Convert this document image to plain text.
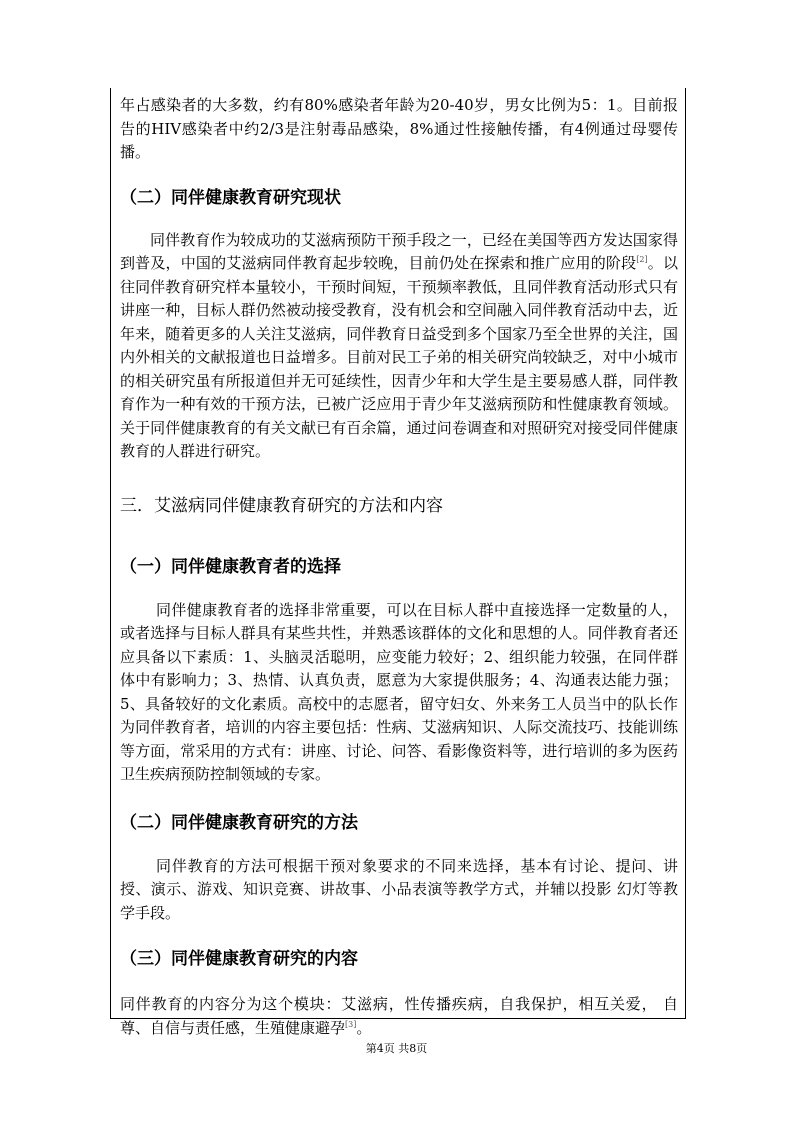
年占感染者的大多数，约有80%感染者年龄为20-40岁，男女比例为5：1。目前报告的HIV感染者中约2/3是注射毒品感染，8%通过性接触传播，有4例通过母婴传播。

（二）同伴健康教育研究现状

同伴教育作为较成功的艾滋病预防干预手段之一，已经在美国等西方发达国家得到普及，中国的艾滋病同伴教育起步较晚，目前仍处在探索和推广应用的阶段[2]。以往同伴教育研究样本量较小，干预时间短，干预频率教低，且同伴教育活动形式只有讲座一种，目标人群仍然被动接受教育，没有机会和空间融入同伴教育活动中去，近年来，随着更多的人关注艾滋病，同伴教育日益受到多个国家乃至全世界的关注，国内外相关的文献报道也日益增多。目前对民工子弟的相关研究尚较缺乏，对中小城市的相关研究虽有所报道但并无可延续性，因青少年和大学生是主要易感人群，同伴教育作为一种有效的干预方法，已被广泛应用于青少年艾滋病预防和性健康教育领域。关于同伴健康教育的有关文献已有百余篇，通过问卷调查和对照研究对接受同伴健康教育的人群进行研究。

三．艾滋病同伴健康教育研究的方法和内容
（一）同伴健康教育者的选择

同伴健康教育者的选择非常重要，可以在目标人群中直接选择一定数量的人，或者选择与目标人群具有某些共性，并熟悉该群体的文化和思想的人。同伴教育者还应具备以下素质：1、头脑灵活聪明，应变能力较好；2、组织能力较强，在同伴群体中有影响力；3、热情、认真负责，愿意为大家提供服务；4、沟通表达能力强；5、具备较好的文化素质。高校中的志愿者，留守妇女、外来务工人员当中的队长作为同伴教育者，培训的内容主要包括：性病、艾滋病知识、人际交流技巧、技能训练等方面，常采用的方式有：讲座、讨论、问答、看影像资料等，进行培训的多为医药卫生疾病预防控制领域的专家。

（二）同伴健康教育研究的方法

同伴教育的方法可根据干预对象要求的不同来选择，基本有讨论、提问、讲授、演示、游戏、知识竞赛、讲故事、小品表演等教学方式，并辅以投影 幻灯等教学手段。

（三）同伴健康教育研究的内容

同伴教育的内容分为这个模块：艾滋病，性传播疾病，自我保护，相互关爱， 自尊、自信与责任感，生殖健康避孕[3]。

第4页 共8页
